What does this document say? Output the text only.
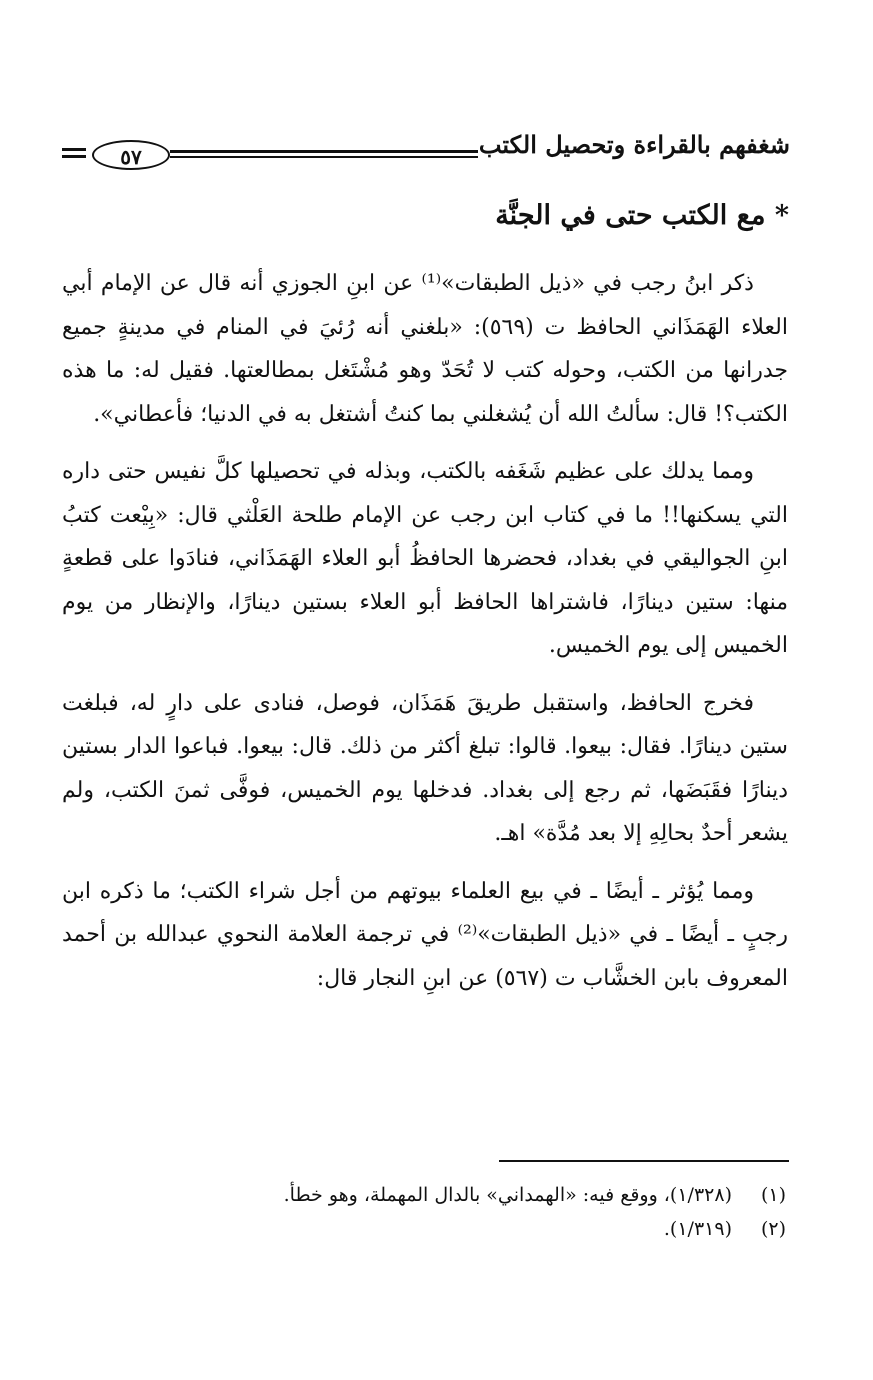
٥٧	شغفهم بالقراءة وتحصيل الكتب
* مع الكتب حتى في الجنَّة

ذكر ابنُ رجب في «ذيل الطبقات»⁽¹⁾ عن ابنِ الجوزي أنه قال عن الإمام أبي العلاء الهَمَذَاني الحافظ ت (٥٦٩): «بلغني أنه رُئيَ في المنام في مدينةٍ جميع جدرانها من الكتب، وحوله كتب لا تُحَدّ وهو مُشْتَغل بمطالعتها. فقيل له: ما هذه الكتب؟! قال: سألتُ الله أن يُشغلني بما كنتُ أشتغل به في الدنيا؛ فأعطاني».

ومما يدلك على عظيم شَغَفه بالكتب، وبذله في تحصيلها كلَّ نفيس حتى داره التي يسكنها!! ما في كتاب ابن رجب عن الإمام طلحة العَلْثي قال: «بِيْعت كتبُ ابنِ الجواليقي في بغداد، فحضرها الحافظُ أبو العلاء الهَمَذَاني، فنادَوا على قطعةٍ منها: ستين دينارًا، فاشتراها الحافظ أبو العلاء بستين دينارًا، والإنظار من يوم الخميس إلى يوم الخميس.

فخرج الحافظ، واستقبل طريقَ هَمَذَان، فوصل، فنادى على دارٍ له، فبلغت ستين دينارًا. فقال: بيعوا. قالوا: تبلغ أكثر من ذلك. قال: بيعوا. فباعوا الدار بستين دينارًا فقَبَضَها، ثم رجع إلى بغداد. فدخلها يوم الخميس، فوفَّى ثمنَ الكتب، ولم يشعر أحدٌ بحالِهِ إلا بعد مُدَّة» اهـ.

ومما يُؤثر ـ أيضًا ـ في بيع العلماء بيوتهم من أجل شراء الكتب؛ ما ذكره ابن رجبٍ ـ أيضًا ـ في «ذيل الطبقات»⁽²⁾ في ترجمة العلامة النحوي عبدالله بن أحمد المعروف بابن الخشَّاب ت (٥٦٧) عن ابنِ النجار قال:

(١)(١/٣٢٨)، ووقع فيه: «الهمداني» بالدال المهملة، وهو خطأ.
(٢)(١/٣١٩).
